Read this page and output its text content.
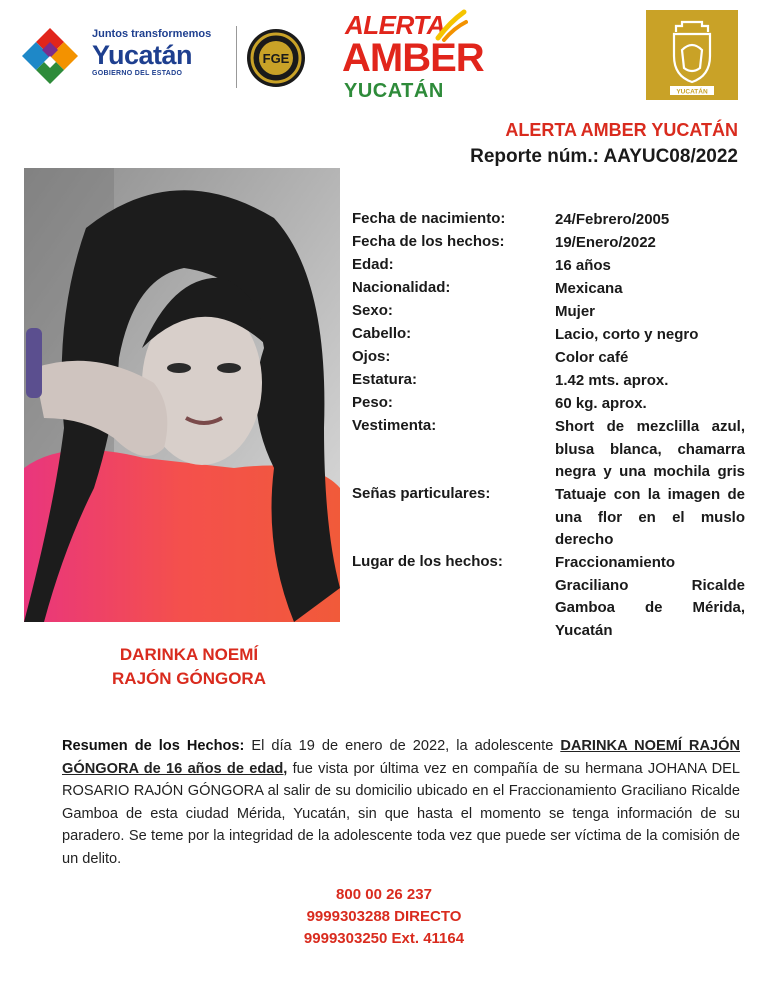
Juntos transformemos
Yucatán
GOBIERNO DEL ESTADO
FGE
ALERTA
AMBER
YUCATÁN	YUCATÁN
ALERTA AMBER YUCATÁN
Reporte núm.: AAYUC08/2022
DARINKA NOEMÍ
RAJÓN GÓNGORA
Fecha de nacimiento:	24/Febrero/2005
Fecha de los hechos:	19/Enero/2022
Edad:	16 años
Nacionalidad:	Mexicana
Sexo:	Mujer
Cabello:	Lacio, corto y negro
Ojos:	Color café
Estatura:	1.42 mts. aprox.
Peso:	60 kg. aprox.
Vestimenta:	Short de mezclilla azul,
blusa blanca, chamarra
negra y una mochila gris
Señas particulares:	Tatuaje con la imagen de
una flor en el muslo
derecho
Lugar de los hechos:	Fraccionamiento
Graciliano Ricalde
Gamboa de Mérida,
Yucatán
Resumen de los Hechos: El día 19 de enero de 2022, la adolescente DARINKA NOEMÍ RAJÓN GÓNGORA de 16 años de edad, fue vista por última vez en compañía de su hermana JOHANA DEL ROSARIO RAJÓN GÓNGORA al salir de su domicilio ubicado en el Fraccionamiento Graciliano Ricalde Gamboa de esta ciudad Mérida, Yucatán, sin que hasta el momento se tenga información de su paradero. Se teme por la integridad de la adolescente toda vez que puede ser víctima de la comisión de un delito.
800 00 26 237
9999303288 DIRECTO
9999303250 Ext. 41164
